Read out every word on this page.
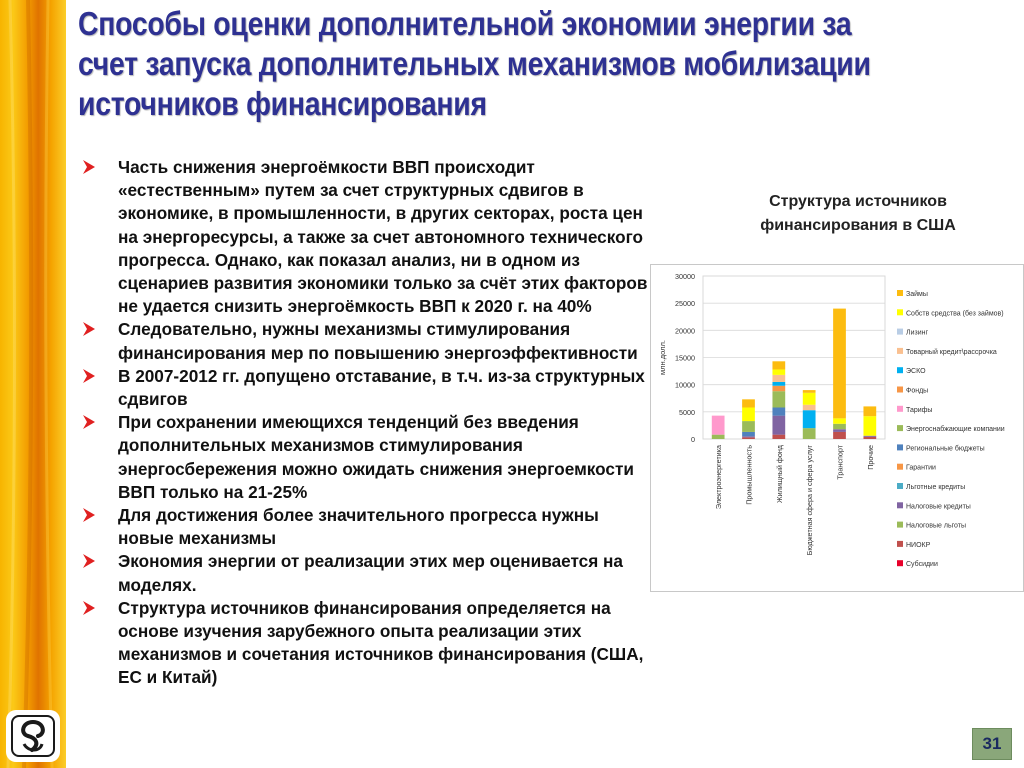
Способы оценки дополнительной экономии энергии за счет запуска дополнительных механизмов мобилизации источников финансирования
Часть снижения энергоёмкости ВВП происходит «естественным» путем за счет структурных сдвигов в экономике, в промышленности, в других секторах, роста цен на энергоресурсы, а также за счет автономного технического прогресса. Однако, как показал анализ, ни в одном из сценариев развития экономики только за счёт этих факторов не удается снизить энергоёмкость ВВП к 2020 г. на 40%
Следовательно, нужны механизмы стимулирования финансирования мер по повышению энергоэффективности
В 2007-2012 гг. допущено отставание, в т.ч. из-за структурных сдвигов
При сохранении имеющихся тенденций без введения дополнительных механизмов стимулирования энергосбережения можно ожидать снижения энергоемкости ВВП только на 21-25%
Для достижения более значительного прогресса нужны новые механизмы
Экономия энергии от реализации этих мер оценивается на моделях.
Структура источников финансирования определяется на основе изучения зарубежного опыта реализации этих механизмов и сочетания источников финансирования (США, ЕС и Китай)
Структура источников финансирования в США
0
5000
10000
15000
20000
25000
30000
млн.долл.
Электроэнергетика	Промышленность	Жилищный фонд	Бюджетная сфера и сфера услуг	Транспорт	Прочие
Займы
Собств средства (без займов)
Лизинг
Товарный кредит\рассрочка
ЭСКО
Фонды
Тарифы
Энергоснабжающие компании
Региональные бюджеты
Гарантии
Льготные кредиты
Налоговые кредиты
Налоговые льготы
НИОКР
Субсидии
31
